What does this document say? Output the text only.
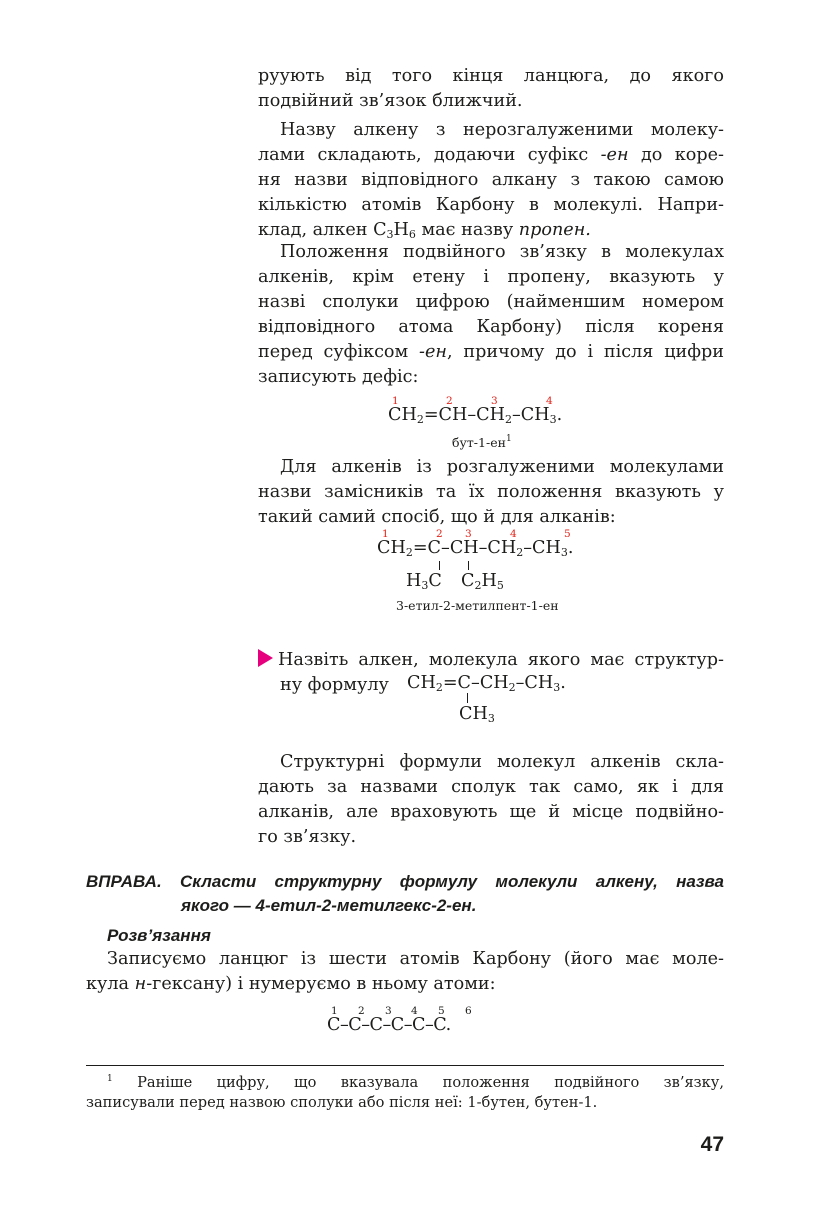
руують від того кінця ланцюга, до якого
подвійний зв’язок ближчий.
Назву алкену з нерозгалуженими молеку-
лами складають, додаючи суфікс -ен до коре-
ня назви відповідного алкану з такою самою
кількістю атомів Карбону в молекулі. Напри-
клад, алкен $C_3H_6$ має назву пропен.
Положення подвійного зв’язку в молекулах
алкенів, крім етену і пропену, вказують у
назві сполуки цифрою (найменшим номером
відповідного атома Карбону) після кореня
перед суфіксом -ен, причому до і після цифри
записують дефіс:
1	2	3	4
$CH_2=CH-CH_2-CH_3$.
бут-$1-ен^1$
Для алкенів із розгалуженими молекулами
назви замісників та їх положення вказують у
такий самий спосіб, що й для алканів:
1	2 3	4	5
$CH_2=C-CH-CH_2-CH_3$.
$H_3C$ $C_2H_5$
3-етил-2-метилпент-1-ен
Назвіть алкен, молекула якого має структур-
ну формулу	$CH_2=C-CH_2-CH_3$.
$CH_3$
Структурні формули молекул алкенів скла-
дають за назвами сполук так само, як і для
алканів, але враховують ще й місце подвійно-
го зв’язку.
ВПРАВА. Скласти структурну формулу молекули алкену, назва
якого — 4-етил-2-метилгекс-2-ен.
Розв’язання
Записуємо ланцюг із шести атомів Карбону (його має моле-
кула н-гексану) і нумеруємо в ньому атоми:
1 2 3 4 5 6
C–C–C–C–C–C.
$^1$ Раніше цифру, що вказувала положення подвійного зв’язку,
записували перед назвою сполуки або після неї: 1-бутен, бутен-1.
47
